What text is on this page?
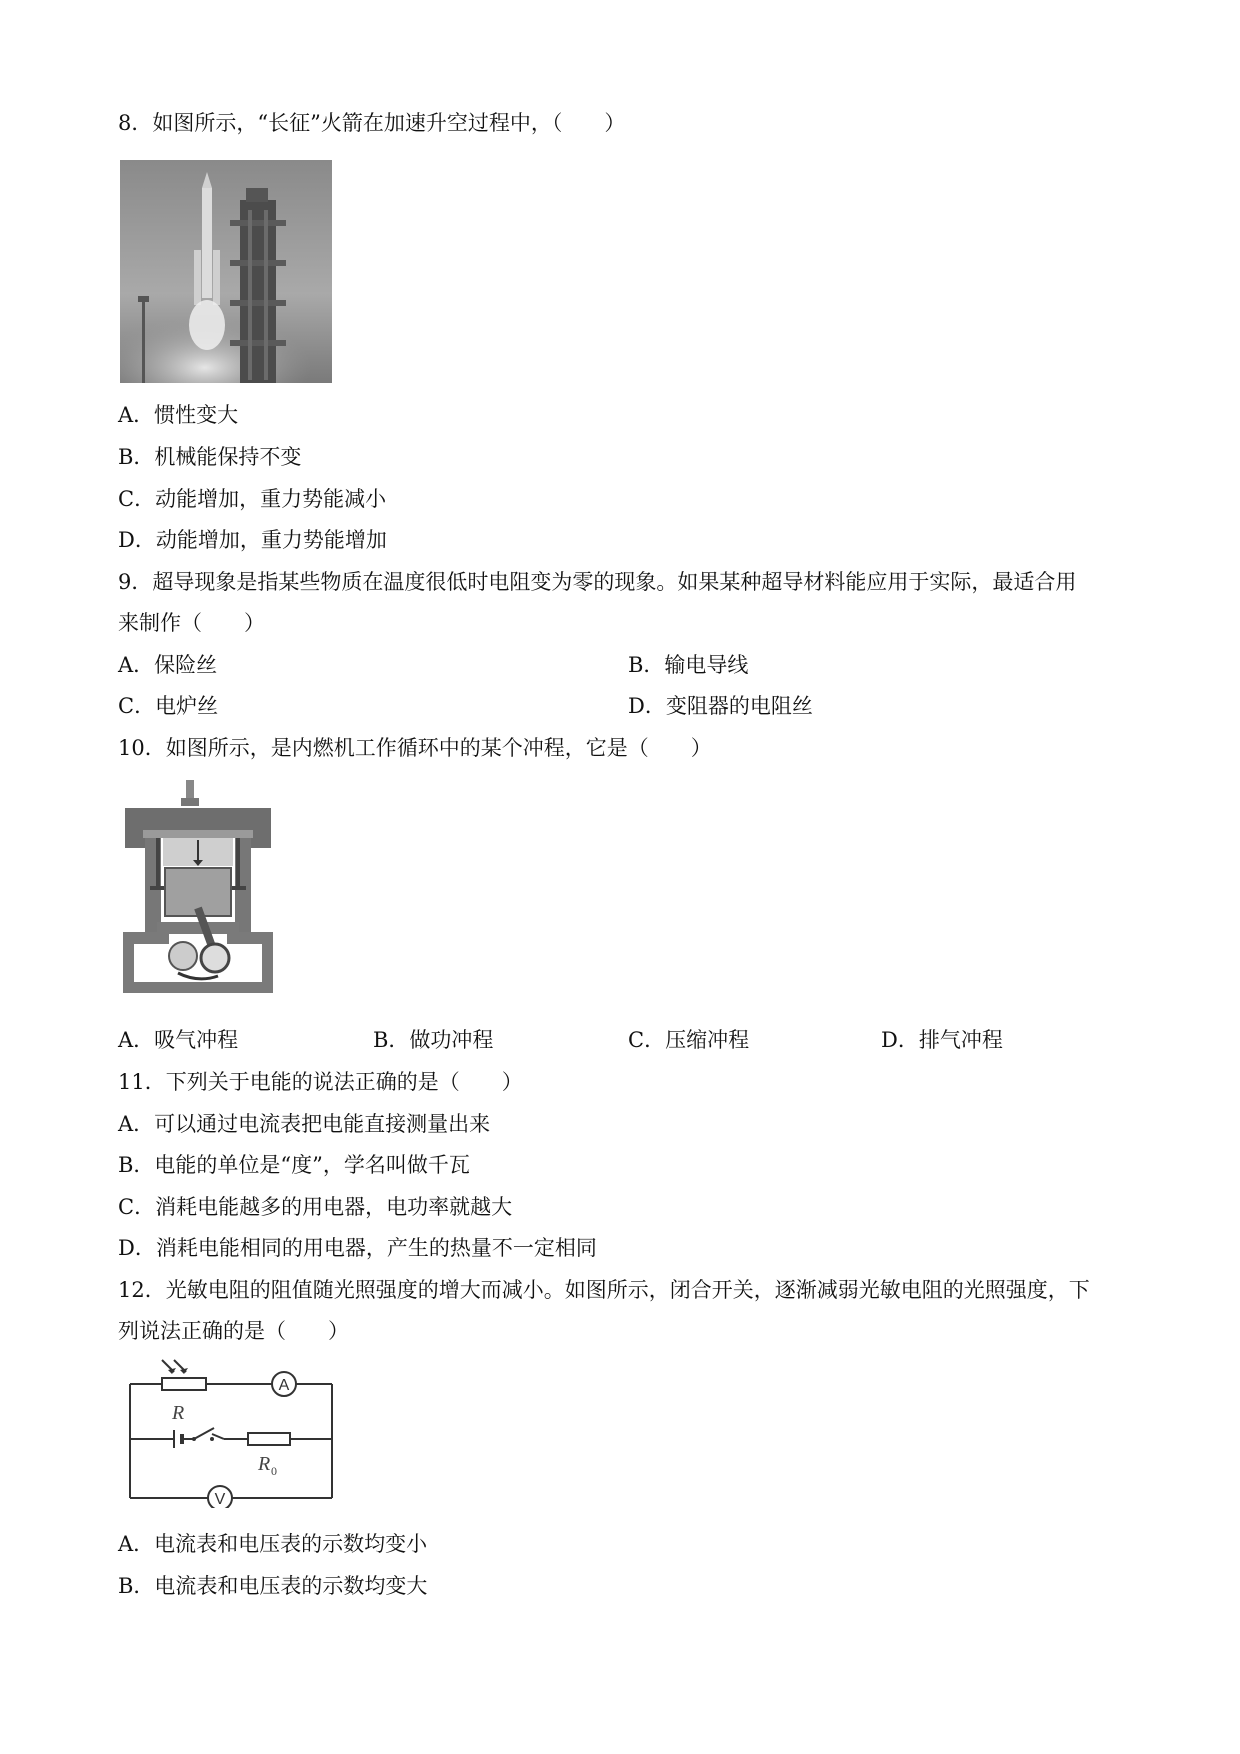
8．如图所示，“长征”火箭在加速升空过程中，（　　）
A．惯性变大
B．机械能保持不变
C．动能增加，重力势能减小
D．动能增加，重力势能增加
9．超导现象是指某些物质在温度很低时电阻变为零的现象。如果某种超导材料能应用于实际，最适合用
来制作（　　）
A．保险丝	B．输电导线
C．电炉丝	D．变阻器的电阻丝
10．如图所示，是内燃机工作循环中的某个冲程，它是（　　）
A．吸气冲程	B．做功冲程	C．压缩冲程	D．排气冲程
11．下列关于电能的说法正确的是（　　）
A．可以通过电流表把电能直接测量出来
B．电能的单位是“度”，学名叫做千瓦
C．消耗电能越多的用电器，电功率就越大
D．消耗电能相同的用电器，产生的热量不一定相同
12．光敏电阻的阻值随光照强度的增大而减小。如图所示，闭合开关，逐渐减弱光敏电阻的光照强度，下
列说法正确的是（　　）
A
R
R 0
V
A．电流表和电压表的示数均变小
B．电流表和电压表的示数均变大
